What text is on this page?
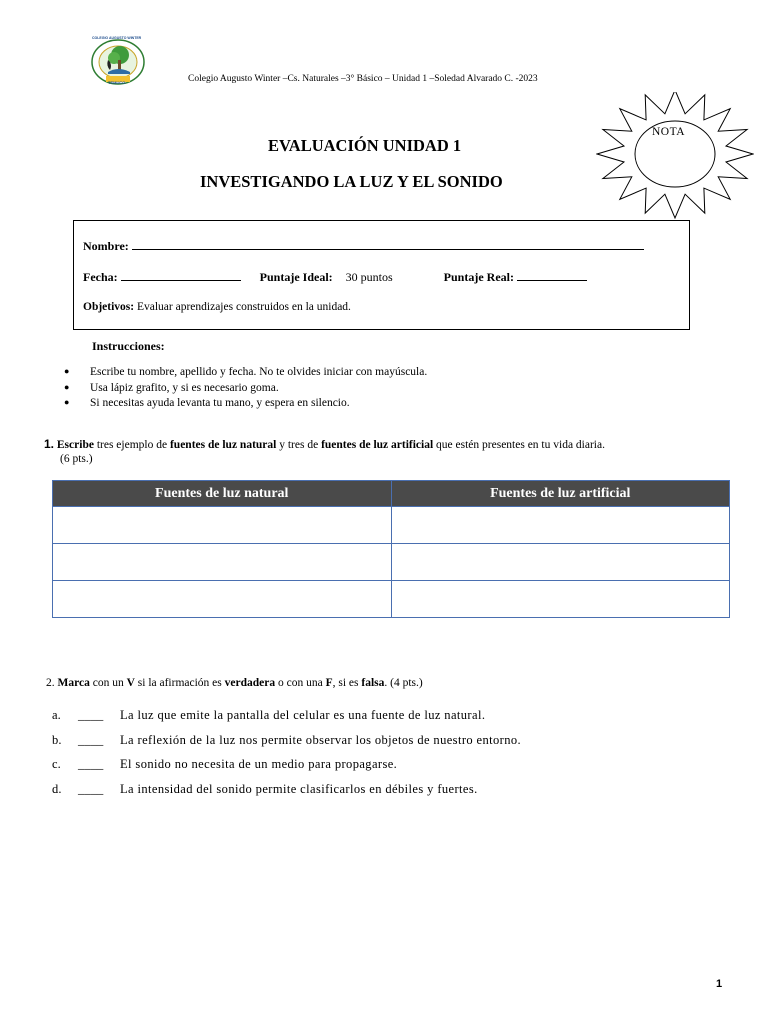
COLEGIO AUGUSTO WINTER
TEMUCO	Colegio Augusto Winter –Cs. Naturales –3° Básico – Unidad 1 –Soledad Alvarado C. -2023
NOTA
EVALUACIÓN UNIDAD 1
INVESTIGANDO LA LUZ Y EL SONIDO
Nombre:
Fecha:	Puntaje Ideal: 30 puntos	Puntaje Real:
Objetivos: Evaluar aprendizajes construidos en la unidad.
Instrucciones:
● Escribe tu nombre, apellido y fecha. No te olvides iniciar con mayúscula.
● Usa lápiz grafito, y si es necesario goma.
● Si necesitas ayuda levanta tu mano, y espera en silencio.
1. Escribe tres ejemplo de fuentes de luz natural y tres de fuentes de luz artificial que estén presentes en tu vida diaria.
(6 pts.)
Fuentes de luz natural	Fuentes de luz artificial

2. Marca con un V si la afirmación es verdadera o con una F, si es falsa. (4 pts.)
a. ____ La luz que emite la pantalla del celular es una fuente de luz natural.
b. ____ La reflexión de la luz nos permite observar los objetos de nuestro entorno.
c. ____ El sonido no necesita de un medio para propagarse.
d. ____ La intensidad del sonido permite clasificarlos en débiles y fuertes.
1
